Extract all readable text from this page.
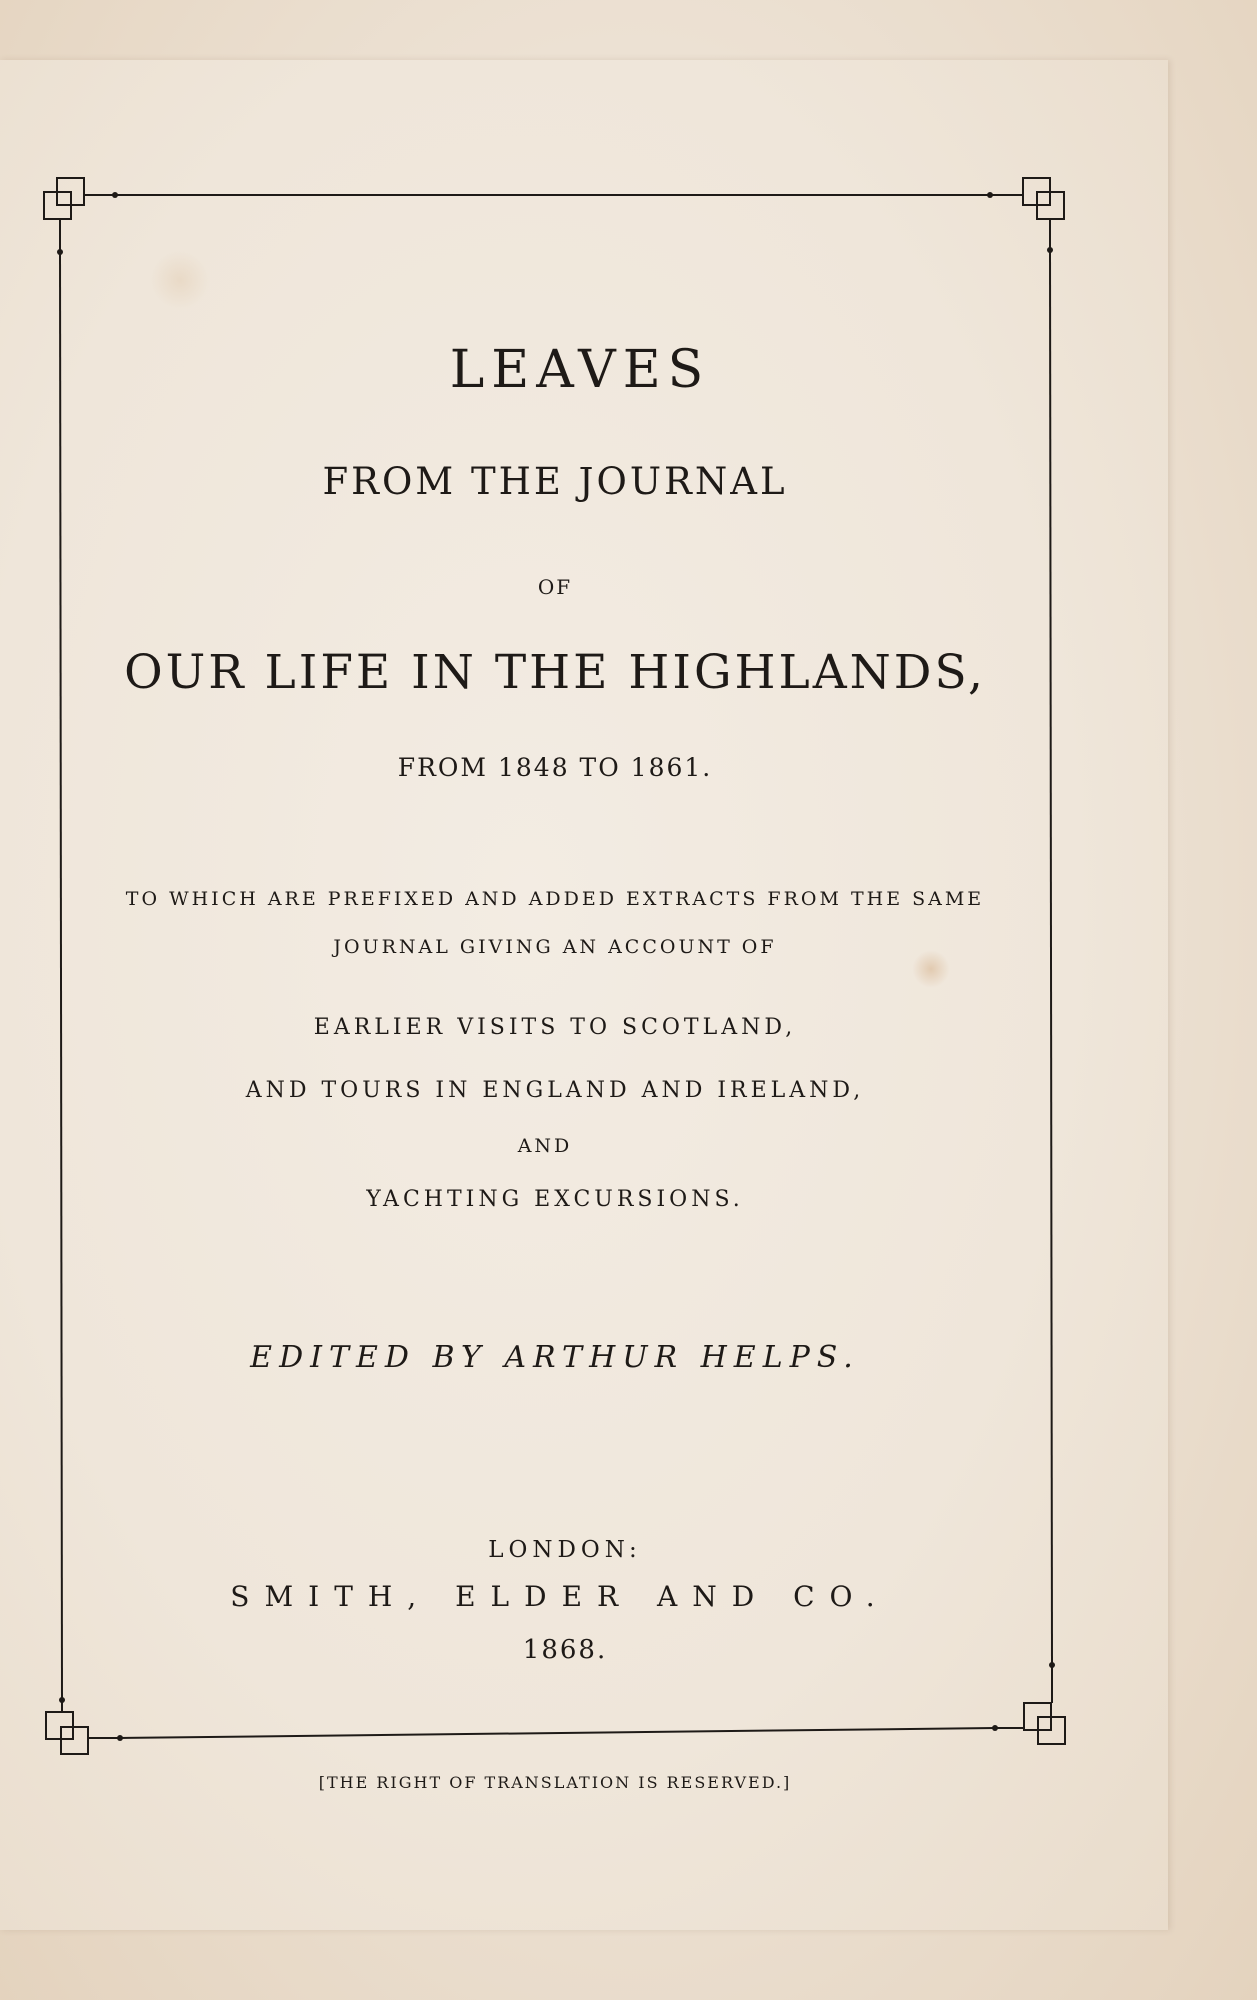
LEAVES
FROM THE JOURNAL
OF
OUR LIFE IN THE HIGHLANDS,
FROM 1848 TO 1861.
TO WHICH ARE PREFIXED AND ADDED EXTRACTS FROM THE SAME
JOURNAL GIVING AN ACCOUNT OF
EARLIER VISITS TO SCOTLAND,
AND TOURS IN ENGLAND AND IRELAND,
AND
YACHTING EXCURSIONS.
EDITED BY ARTHUR HELPS.
LONDON:
SMITH, ELDER AND CO.
1868.
[THE RIGHT OF TRANSLATION IS RESERVED.]
